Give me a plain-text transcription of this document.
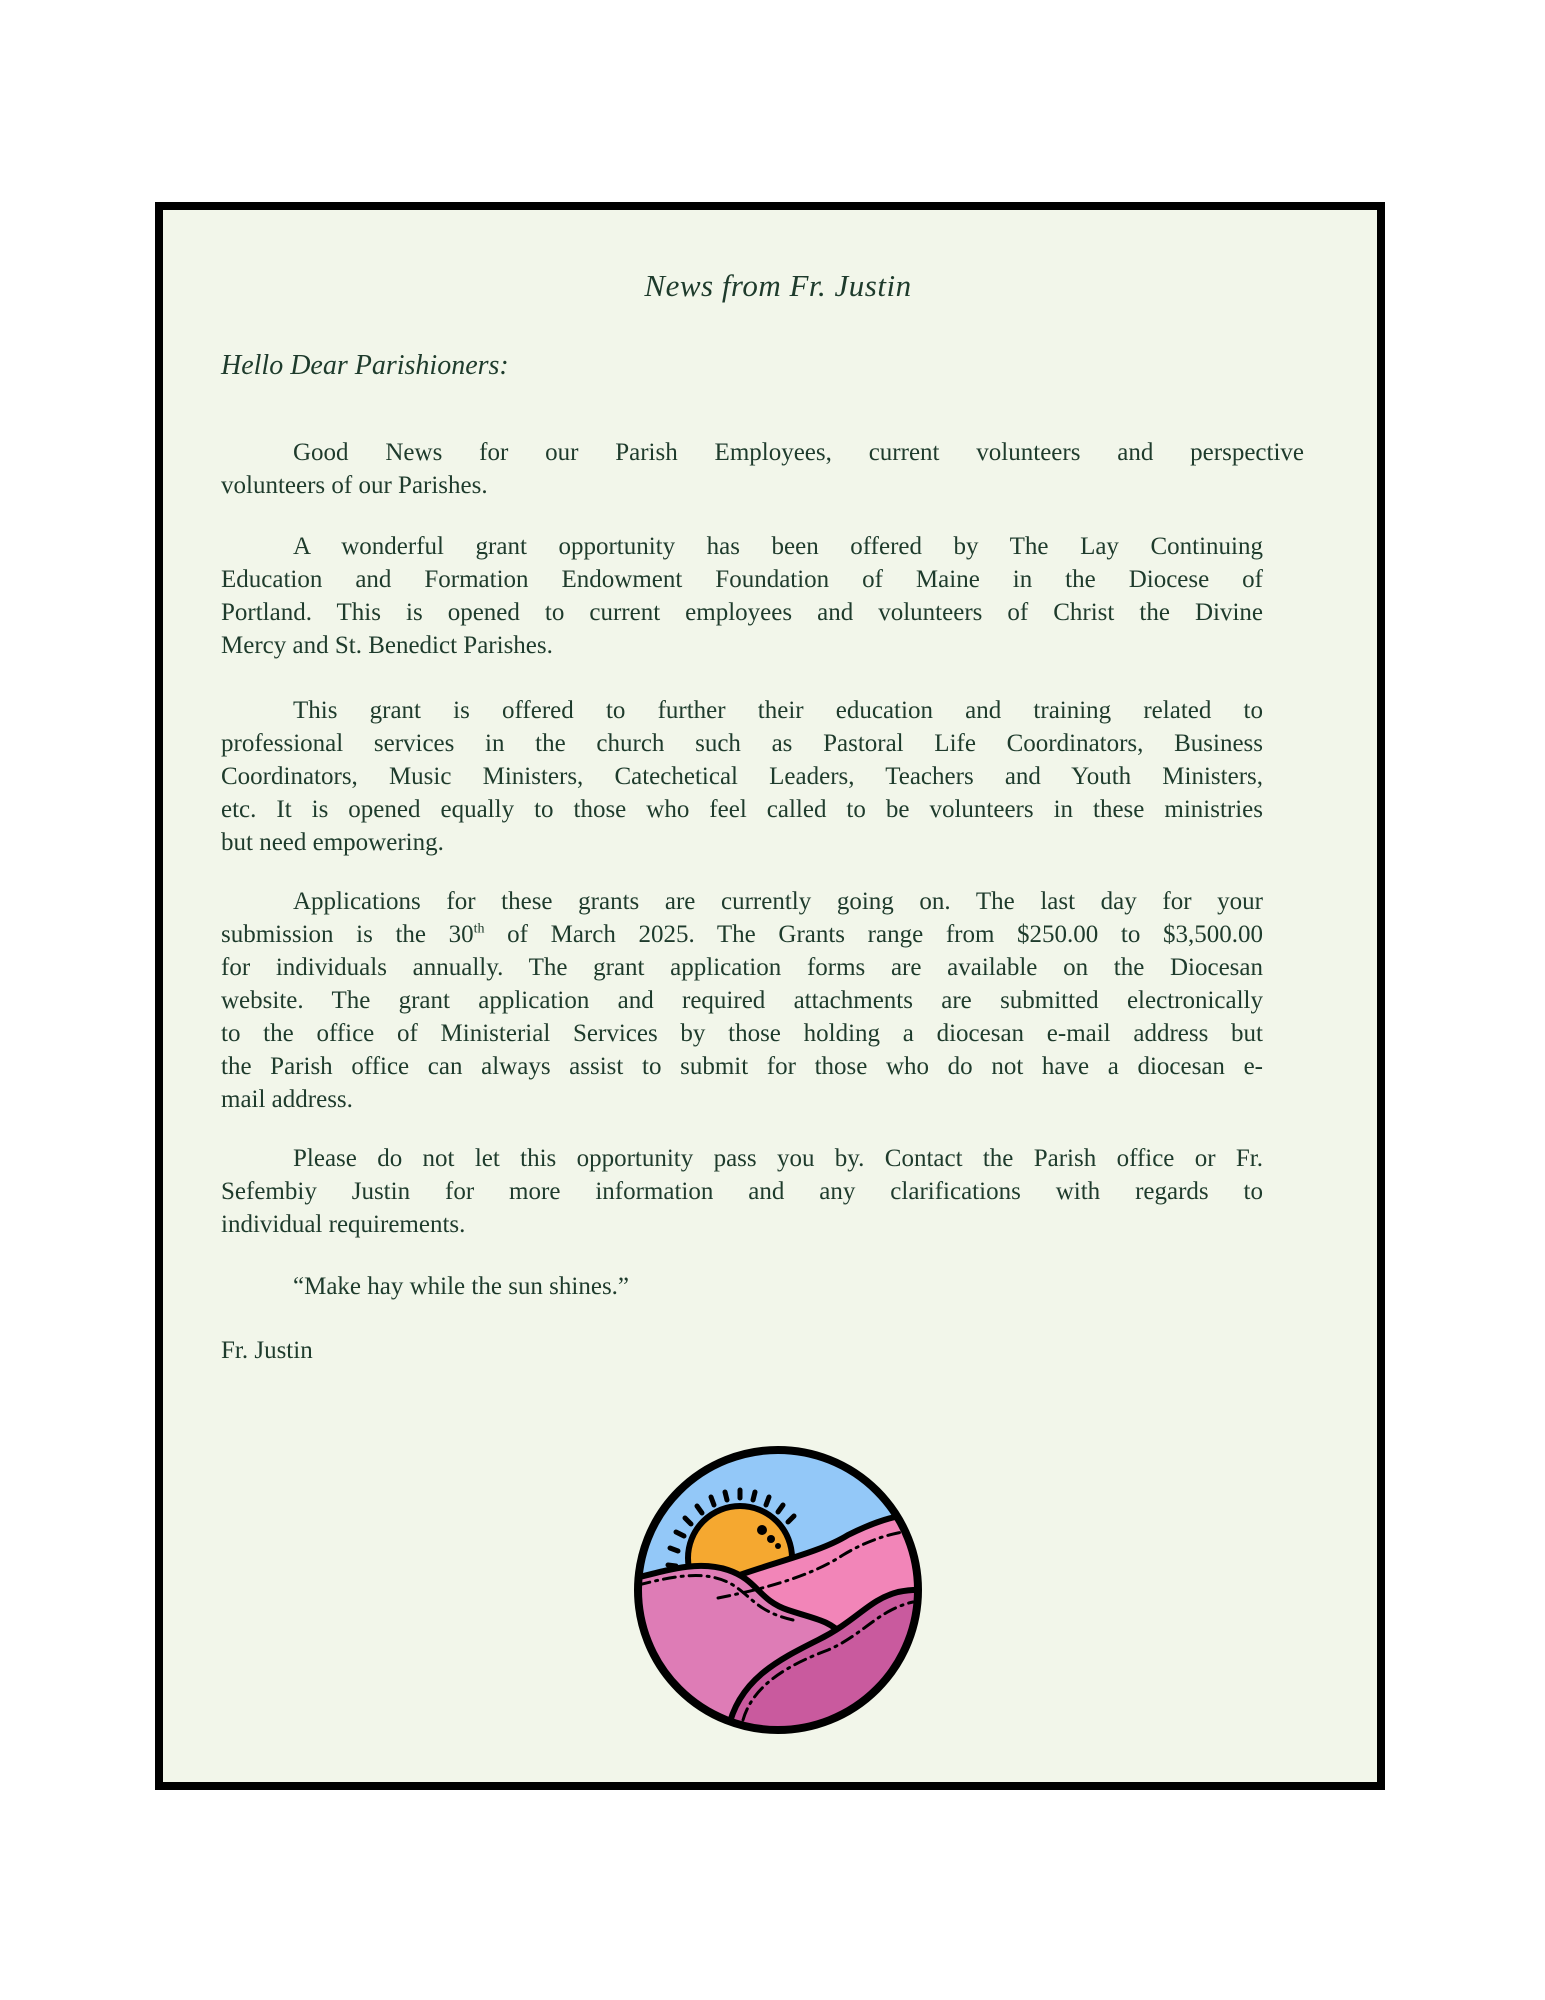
News from Fr. Justin
Hello Dear Parishioners:
Good News for our Parish Employees, current volunteers and perspective
volunteers of our Parishes.
A wonderful grant opportunity has been offered by The Lay Continuing
Education and Formation Endowment Foundation of Maine in the Diocese of
Portland. This is opened to current employees and volunteers of Christ the Divine
Mercy and St. Benedict Parishes.
This grant is offered to further their education and training related to
professional services in the church such as Pastoral Life Coordinators, Business
Coordinators, Music Ministers, Catechetical Leaders, Teachers and Youth Ministers,
etc. It is opened equally to those who feel called to be volunteers in these ministries
but need empowering.
Applications for these grants are currently going on. The last day for your
submission is the 30th of March 2025. The Grants range from $250.00 to $3,500.00
for individuals annually. The grant application forms are available on the Diocesan
website. The grant application and required attachments are submitted electronically
to the office of Ministerial Services by those holding a diocesan e-mail address but
the Parish office can always assist to submit for those who do not have a diocesan e-
mail address.
Please do not let this opportunity pass you by. Contact the Parish office or Fr.
Sefembiy Justin for more information and any clarifications with regards to
individual requirements.
“Make hay while the sun shines.”
Fr. Justin
